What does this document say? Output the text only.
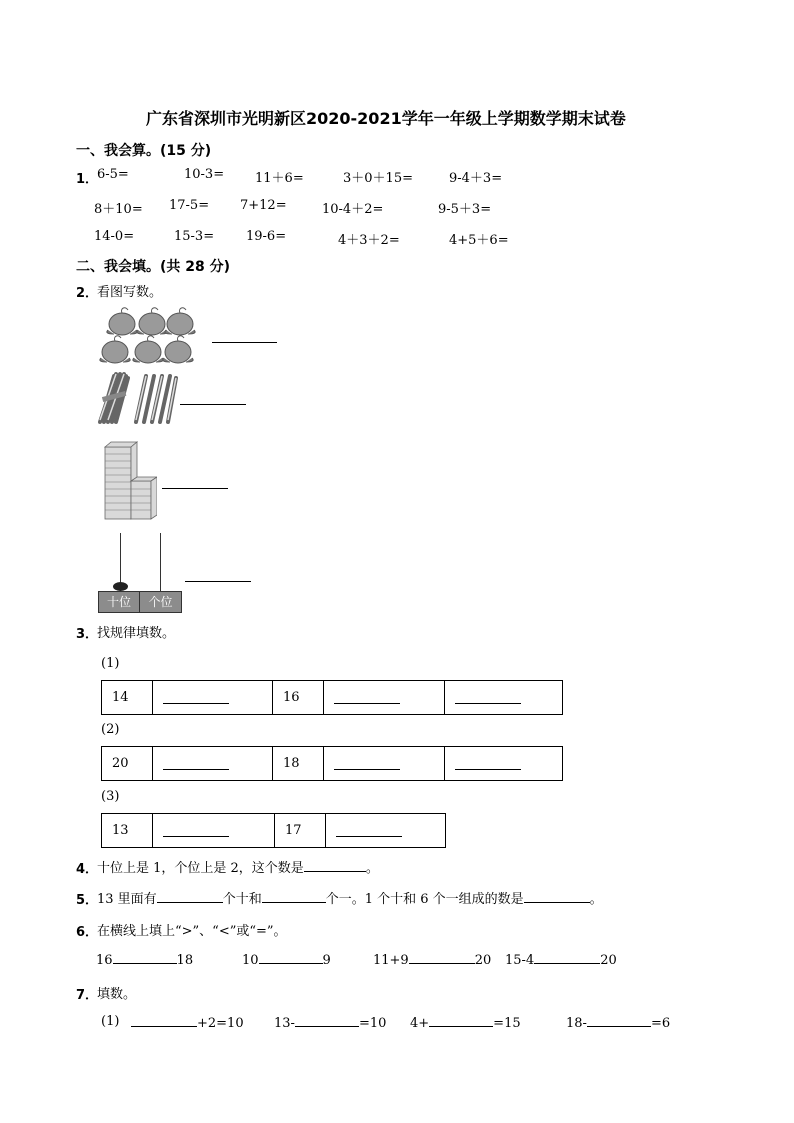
广东省深圳市光明新区2020-2021学年一年级上学期数学期末试卷
一、我会算。(15 分)
1．
6-5=	10-3= 11＋6=	3＋0＋15=	9-4＋3=
8＋10= 17-5= 7+12=	10-4＋2=	9-5＋3=
14-0=	15-3= 19-6=	4＋3＋2=	4+5＋6=
二、我会填。(共 28 分)
2．
看图写数。
十位	个位
3．
找规律填数。
(1)
14		16		
(2)
20		18		
(3)
13		17	
4．
十位上是 1，个位上是 2，这个数是	。
5．
13 里面有	个十和	个一。1 个十和 6 个一组成的数是	。
6．
在横线上填上“>”、“<”或“=”。
16	18	10	9	11+9	20 15-4	20
7．
填数。
(1)	+2=10 13-	=10 4+	=15	18-	=6
